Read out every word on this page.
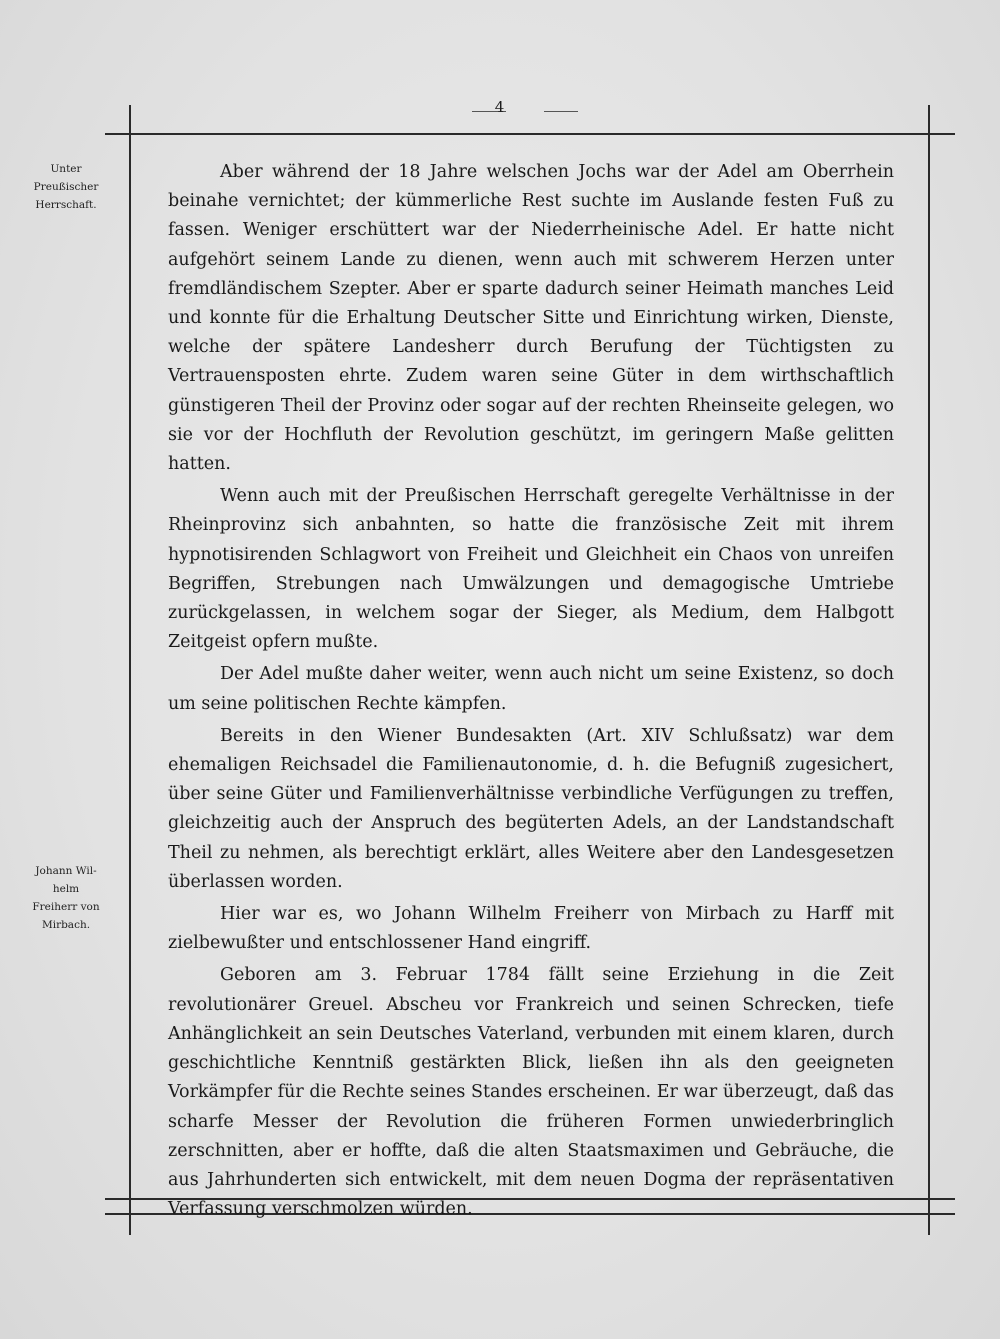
4
Unter
Preußischer
Herrschaft.
Johann Wil-
helm
Freiherr von
Mirbach.

Aber während der 18 Jahre welschen Jochs war der Adel am Oberrhein beinahe vernichtet; der kümmerliche Rest suchte im Auslande festen Fuß zu fassen. Weniger erschüttert war der Niederrheinische Adel. Er hatte nicht aufgehört seinem Lande zu dienen, wenn auch mit schwerem Herzen unter fremdländischem Szepter. Aber er sparte dadurch seiner Heimath manches Leid und konnte für die Erhaltung Deutscher Sitte und Einrichtung wirken, Dienste, welche der spätere Landesherr durch Berufung der Tüchtigsten zu Vertrauensposten ehrte. Zudem waren seine Güter in dem wirthschaftlich günstigeren Theil der Provinz oder sogar auf der rechten Rheinseite gelegen, wo sie vor der Hochfluth der Revolution geschützt, im geringern Maße gelitten hatten.

Wenn auch mit der Preußischen Herrschaft geregelte Verhältnisse in der Rheinprovinz sich anbahnten, so hatte die französische Zeit mit ihrem hypnotisirenden Schlagwort von Freiheit und Gleichheit ein Chaos von unreifen Begriffen, Strebungen nach Umwälzungen und demagogische Umtriebe zurückgelassen, in welchem sogar der Sieger, als Medium, dem Halbgott Zeitgeist opfern mußte.

Der Adel mußte daher weiter, wenn auch nicht um seine Existenz, so doch um seine politischen Rechte kämpfen.

Bereits in den Wiener Bundesakten (Art. XIV Schlußsatz) war dem ehemaligen Reichsadel die Familienautonomie, d. h. die Befugniß zugesichert, über seine Güter und Familienverhältnisse verbindliche Verfügungen zu treffen, gleichzeitig auch der Anspruch des begüterten Adels, an der Landstandschaft Theil zu nehmen, als berechtigt erklärt, alles Weitere aber den Landesgesetzen überlassen worden.

Hier war es, wo Johann Wilhelm Freiherr von Mirbach zu Harff mit zielbewußter und entschlossener Hand eingriff.

Geboren am 3. Februar 1784 fällt seine Erziehung in die Zeit revolutionärer Greuel. Abscheu vor Frankreich und seinen Schrecken, tiefe Anhänglichkeit an sein Deutsches Vaterland, verbunden mit einem klaren, durch geschichtliche Kenntniß gestärkten Blick, ließen ihn als den geeigneten Vorkämpfer für die Rechte seines Standes erscheinen. Er war überzeugt, daß das scharfe Messer der Revolution die früheren Formen unwiederbringlich zerschnitten, aber er hoffte, daß die alten Staatsmaximen und Gebräuche, die aus Jahrhunderten sich entwickelt, mit dem neuen Dogma der repräsentativen Verfassung verschmolzen würden.
